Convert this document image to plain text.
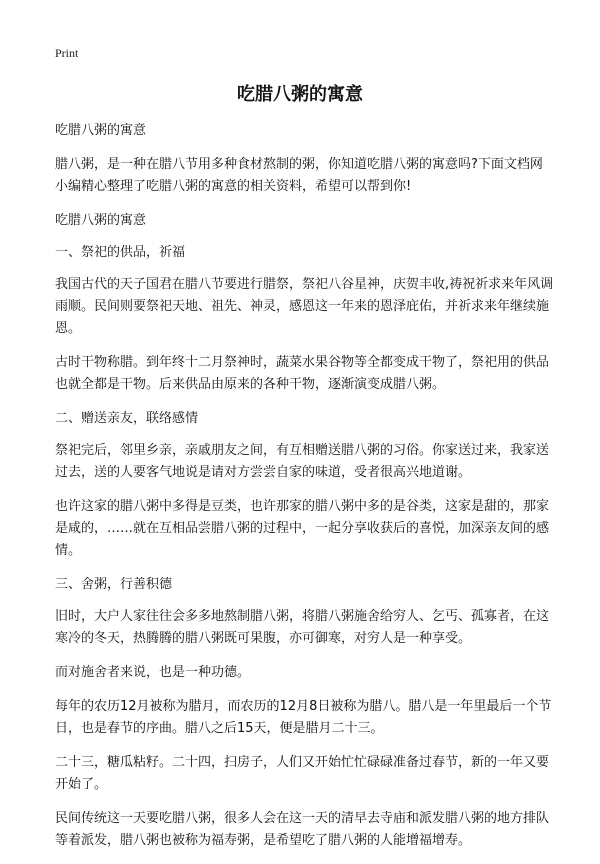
Print
吃腊八粥的寓意

吃腊八粥的寓意

腊八粥，是一种在腊八节用多种食材熬制的粥，你知道吃腊八粥的寓意吗?下面文档网小编精心整理了吃腊八粥的寓意的相关资料，希望可以帮到你!

吃腊八粥的寓意

一、祭祀的供品，祈福

我国古代的天子国君在腊八节要进行腊祭，祭祀八谷星神，庆贺丰收,祷祝祈求来年风调雨顺。民间则要祭祀天地、祖先、神灵，感恩这一年来的恩泽庇佑，并祈求来年继续施恩。

古时干物称腊。到年终十二月祭神时，蔬菜水果谷物等全都变成干物了，祭祀用的供品也就全都是干物。后来供品由原来的各种干物，逐渐演变成腊八粥。

二、赠送亲友，联络感情

祭祀完后，邻里乡亲，亲戚朋友之间，有互相赠送腊八粥的习俗。你家送过来，我家送过去，送的人要客气地说是请对方尝尝自家的味道，受者很高兴地道谢。

也许这家的腊八粥中多得是豆类，也许那家的腊八粥中多的是谷类，这家是甜的，那家是咸的，……就在互相品尝腊八粥的过程中，一起分享收获后的喜悦，加深亲友间的感情。

三、舍粥，行善积德

旧时，大户人家往往会多多地熬制腊八粥，将腊八粥施舍给穷人、乞丐、孤寡者，在这寒冷的冬天，热腾腾的腊八粥既可果腹，亦可御寒，对穷人是一种享受。

而对施舍者来说，也是一种功德。

每年的农历12月被称为腊月，而农历的12月8日被称为腊八。腊八是一年里最后一个节日，也是春节的序曲。腊八之后15天，便是腊月二十三。

二十三，糖瓜粘籽。二十四，扫房子，人们又开始忙忙碌碌准备过春节，新的一年又要开始了。

民间传统这一天要吃腊八粥，很多人会在这一天的清早去寺庙和派发腊八粥的地方排队等着派发，腊八粥也被称为福寿粥，是希望吃了腊八粥的人能增福增寿。
